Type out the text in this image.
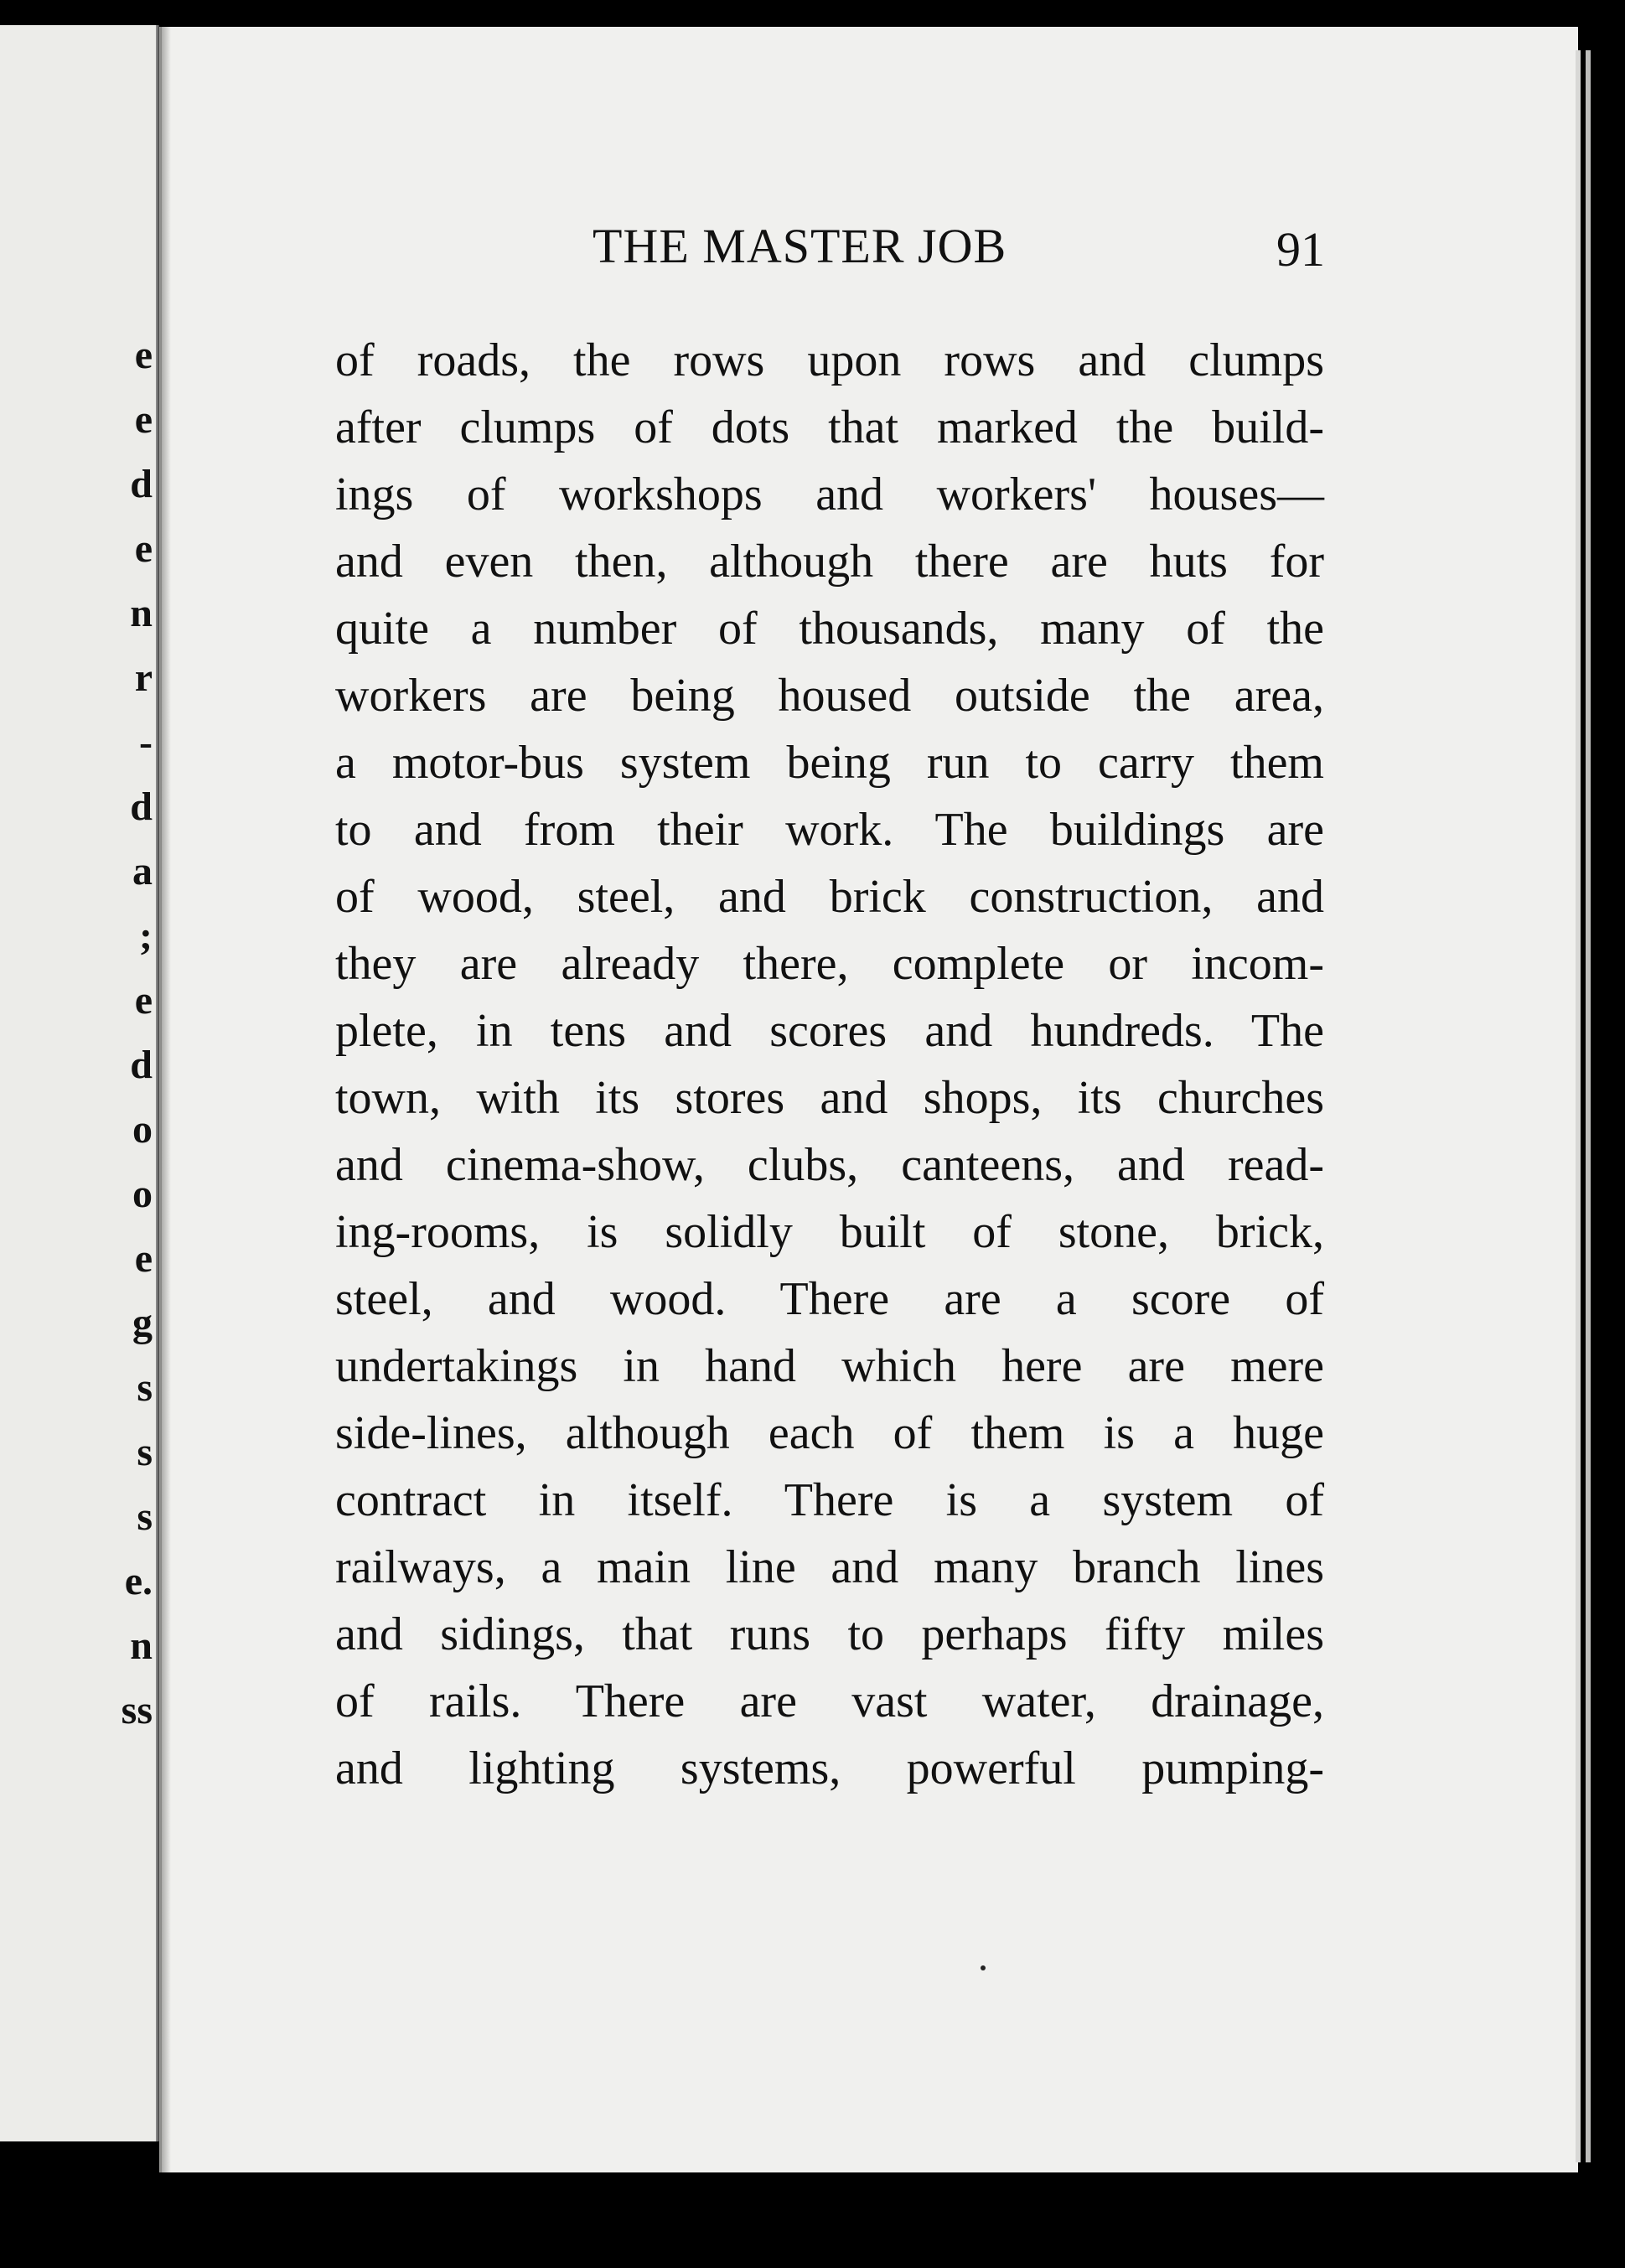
e
e
d
e
n
r
-
d
a
;
e
d
o
o
e
g
s
s
s
e.
n
ss
THE MASTER JOB	91
of roads, the rows upon rows and clumps
after clumps of dots that marked the build-
ings of workshops and workers' houses—
and even then, although there are huts for
quite a number of thousands, many of the
workers are being housed outside the area,
a motor-bus system being run to carry them
to and from their work. The buildings are
of wood, steel, and brick construction, and
they are already there, complete or incom-
plete, in tens and scores and hundreds. The
town, with its stores and shops, its churches
and cinema-show, clubs, canteens, and read-
ing-rooms, is solidly built of stone, brick,
steel, and wood. There are a score of
undertakings in hand which here are mere
side-lines, although each of them is a huge
contract in itself. There is a system of
railways, a main line and many branch lines
and sidings, that runs to perhaps fifty miles
of rails. There are vast water, drainage,
and lighting systems, powerful pumping-
